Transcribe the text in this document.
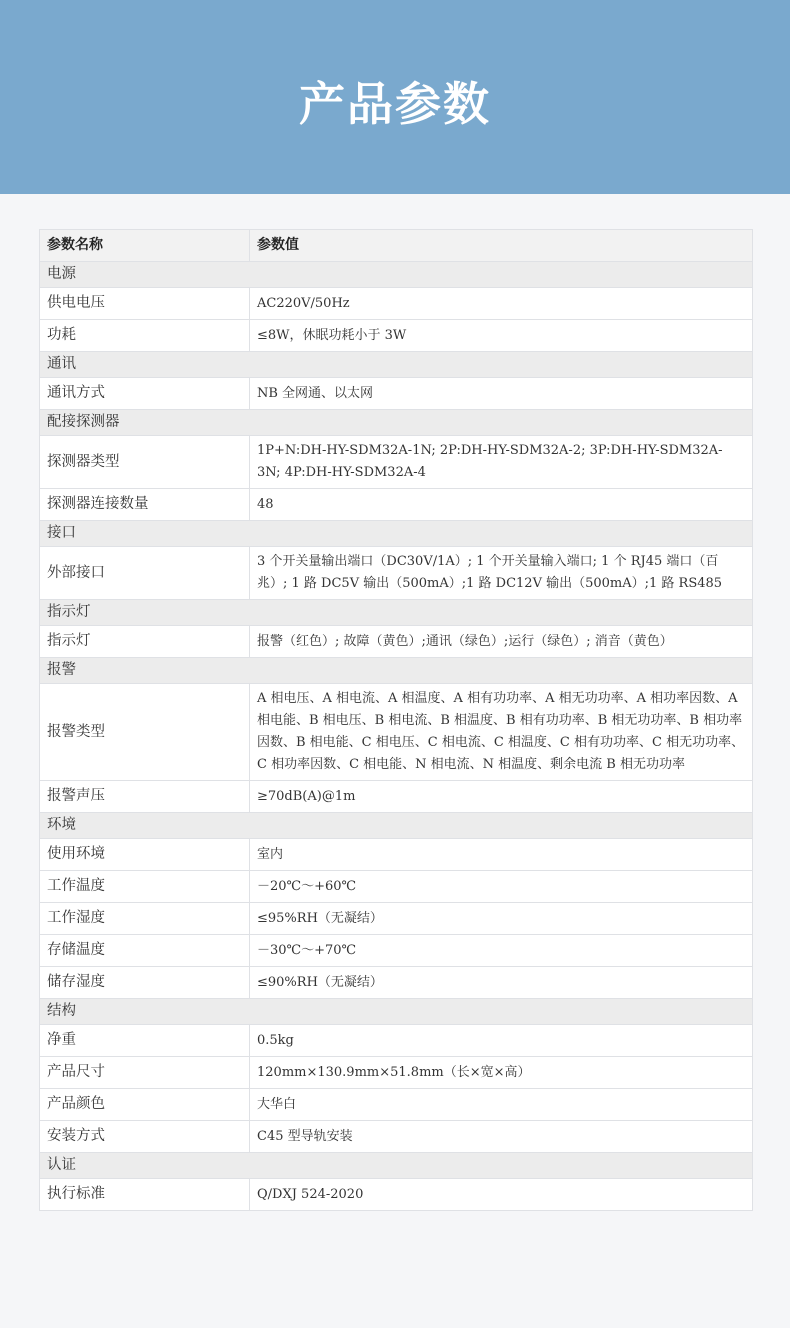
产品参数
参数名称	参数值
电源	
供电电压	AC220V/50Hz
功耗	≤8W，休眠功耗小于 3W
通讯	
通讯方式	NB 全网通、以太网
配接探测器	
探测器类型	1P+N:DH-HY-SDM32A-1N; 2P:DH-HY-SDM32A-2; 3P:DH-HY-SDM32A-3N; 4P:DH-HY-SDM32A-4
探测器连接数量	48
接口	
外部接口	3 个开关量输出端口（DC30V/1A）; 1 个开关量输入端口; 1 个 RJ45 端口（百兆）; 1 路 DC5V 输出（500mA）;1 路 DC12V 输出（500mA）;1 路 RS485
指示灯	
指示灯	报警（红色）; 故障（黄色）;通讯（绿色）;运行（绿色）; 消音（黄色）
报警	
报警类型	A 相电压、A 相电流、A 相温度、A 相有功功率、A 相无功功率、A 相功率因数、A 相电能、B 相电压、B 相电流、B 相温度、B 相有功功率、B 相无功功率、B 相功率因数、B 相电能、C 相电压、C 相电流、C 相温度、C 相有功功率、C 相无功功率、C 相功率因数、C 相电能、N 相电流、N 相温度、剩余电流 B 相无功功率
报警声压	≥70dB(A)@1m
环境	
使用环境	室内
工作温度	－20℃～+60℃
工作湿度	≤95%RH（无凝结）
存储温度	－30℃～+70℃
储存湿度	≤90%RH（无凝结）
结构	
净重	0.5kg
产品尺寸	120mm×130.9mm×51.8mm（长×宽×高）
产品颜色	大华白
安装方式	C45 型导轨安装
认证	
执行标准	Q/DXJ 524-2020
